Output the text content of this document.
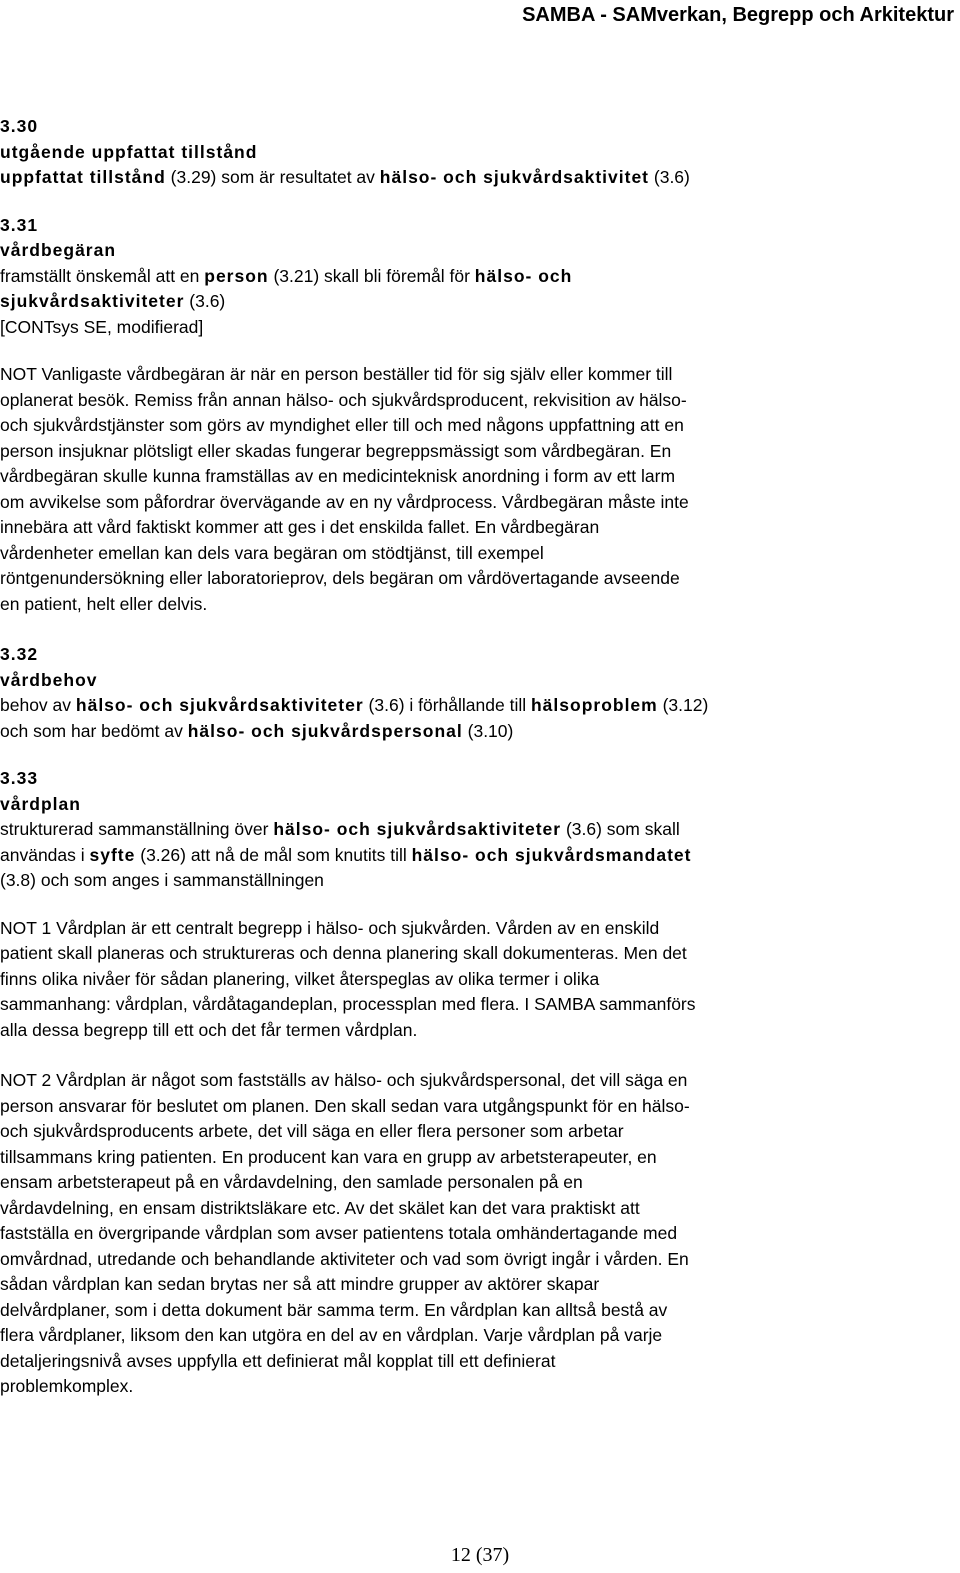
SAMBA - SAMverkan, Begrepp och Arkitektur
3.30
utgående uppfattat tillstånd
uppfattat tillstånd (3.29) som är resultatet av hälso- och sjukvårdsaktivitet (3.6)
3.31
vårdbegäran
framställt önskemål att en person (3.21) skall bli föremål för hälso- och
sjukvårdsaktiviteter (3.6)
[CONTsys SE, modifierad]
NOT Vanligaste vårdbegäran är när en person beställer tid för sig själv eller kommer till
oplanerat besök. Remiss från annan hälso- och sjukvårdsproducent, rekvisition av hälso-
och sjukvårdstjänster som görs av myndighet eller till och med någons uppfattning att en
person insjuknar plötsligt eller skadas fungerar begreppsmässigt som vårdbegäran. En
vårdbegäran skulle kunna framställas av en medicinteknisk anordning i form av ett larm
om avvikelse som påfordrar övervägande av en ny vårdprocess. Vårdbegäran måste inte
innebära att vård faktiskt kommer att ges i det enskilda fallet. En vårdbegäran
vårdenheter emellan kan dels vara begäran om stödtjänst, till exempel
röntgenundersökning eller laboratorieprov, dels begäran om vårdövertagande avseende
en patient, helt eller delvis.
3.32
vårdbehov
behov av hälso- och sjukvårdsaktiviteter (3.6) i förhållande till hälsoproblem (3.12)
och som har bedömt av hälso- och sjukvårdspersonal (3.10)
3.33
vårdplan
strukturerad sammanställning över hälso- och sjukvårdsaktiviteter (3.6) som skall
användas i syfte (3.26) att nå de mål som knutits till hälso- och sjukvårdsmandatet
(3.8) och som anges i sammanställningen
NOT 1 Vårdplan är ett centralt begrepp i hälso- och sjukvården. Vården av en enskild
patient skall planeras och struktureras och denna planering skall dokumenteras. Men det
finns olika nivåer för sådan planering, vilket återspeglas av olika termer i olika
sammanhang: vårdplan, vårdåtagandeplan, processplan med flera. I SAMBA sammanförs
alla dessa begrepp till ett och det får termen vårdplan.
NOT 2 Vårdplan är något som fastställs av hälso- och sjukvårdspersonal, det vill säga en
person ansvarar för beslutet om planen. Den skall sedan vara utgångspunkt för en hälso-
och sjukvårdsproducents arbete, det vill säga en eller flera personer som arbetar
tillsammans kring patienten. En producent kan vara en grupp av arbetsterapeuter, en
ensam arbetsterapeut på en vårdavdelning, den samlade personalen på en
vårdavdelning, en ensam distriktsläkare etc. Av det skälet kan det vara praktiskt att
fastställa en övergripande vårdplan som avser patientens totala omhändertagande med
omvårdnad, utredande och behandlande aktiviteter och vad som övrigt ingår i vården. En
sådan vårdplan kan sedan brytas ner så att mindre grupper av aktörer skapar
delvårdplaner, som i detta dokument bär samma term. En vårdplan kan alltså bestå av
flera vårdplaner, liksom den kan utgöra en del av en vårdplan. Varje vårdplan på varje
detaljeringsnivå avses uppfylla ett definierat mål kopplat till ett definierat
problemkomplex.
12 (37)
